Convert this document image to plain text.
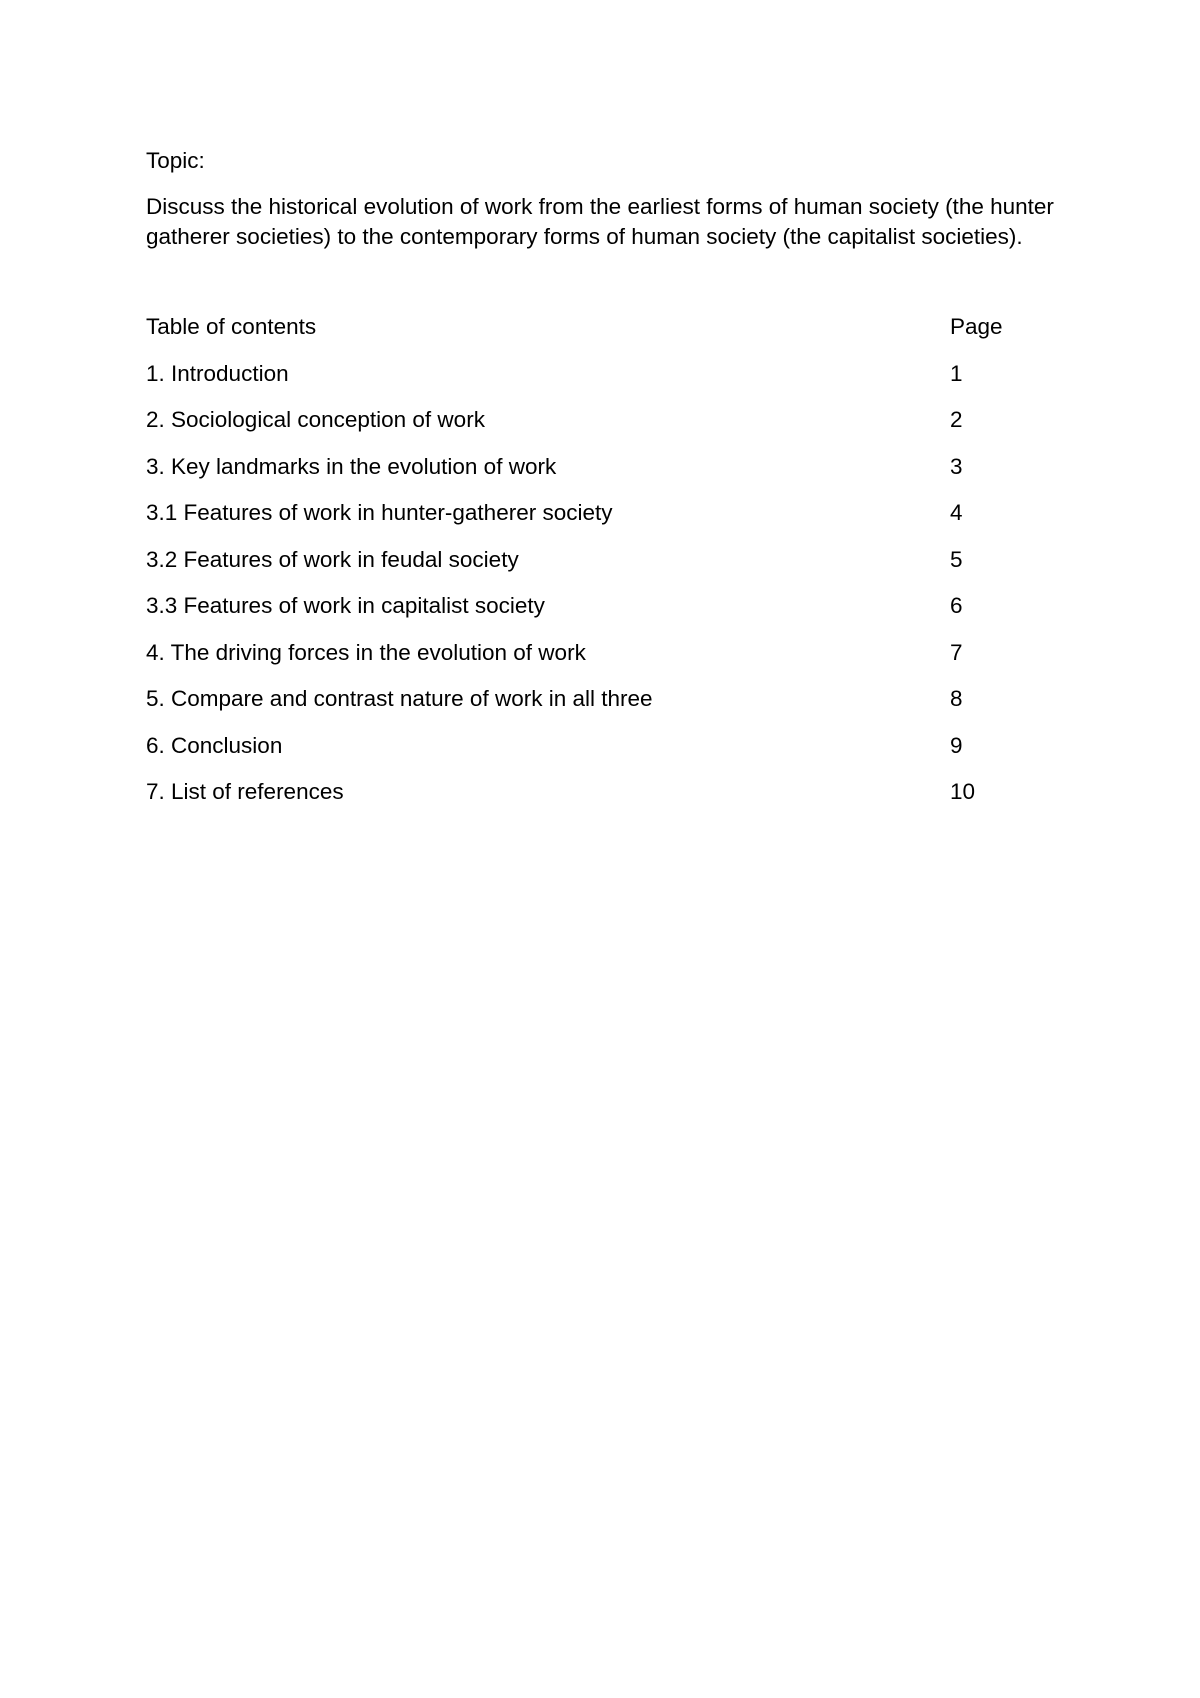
Topic:

Discuss the historical evolution of work from the earliest forms of human society (the hunter gatherer societies) to the contemporary forms of human society (the capitalist societies).

Table of contents	Page
1. Introduction	1
2. Sociological conception of work	2
3. Key landmarks in the evolution of work	3
3.1 Features of work in hunter-gatherer society	4
3.2 Features of work in feudal society	5
3.3 Features of work in capitalist society	6
4. The driving forces in the evolution of work	7
5. Compare and contrast nature of work in all three	8
6. Conclusion	9
7. List of references	10
